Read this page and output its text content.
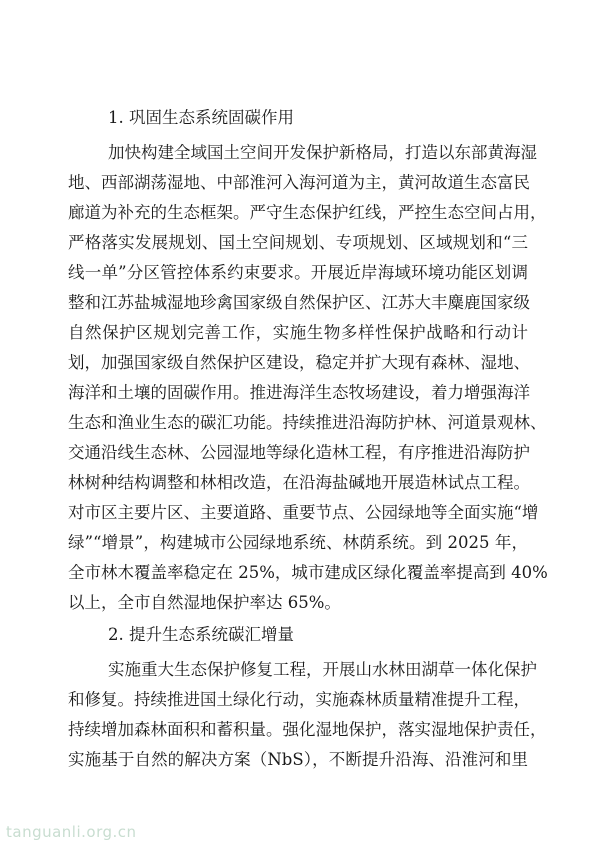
1. 巩固生态系统固碳作用
加快构建全域国土空间开发保护新格局，打造以东部黄海湿
地、西部湖荡湿地、中部淮河入海河道为主，黄河故道生态富民
廊道为补充的生态框架。严守生态保护红线，严控生态空间占用，
严格落实发展规划、国土空间规划、专项规划、区域规划和“三
线一单”分区管控体系约束要求。开展近岸海域环境功能区划调
整和江苏盐城湿地珍禽国家级自然保护区、江苏大丰麋鹿国家级
自然保护区规划完善工作，实施生物多样性保护战略和行动计
划，加强国家级自然保护区建设，稳定并扩大现有森林、湿地、
海洋和土壤的固碳作用。推进海洋生态牧场建设，着力增强海洋
生态和渔业生态的碳汇功能。持续推进沿海防护林、河道景观林、
交通沿线生态林、公园湿地等绿化造林工程，有序推进沿海防护
林树种结构调整和林相改造，在沿海盐碱地开展造林试点工程。
对市区主要片区、主要道路、重要节点、公园绿地等全面实施“增
绿”“增景”，构建城市公园绿地系统、林荫系统。到 2025 年，
全市林木覆盖率稳定在 25%，城市建成区绿化覆盖率提高到 40%
以上，全市自然湿地保护率达 65%。
2. 提升生态系统碳汇增量
实施重大生态保护修复工程，开展山水林田湖草一体化保护
和修复。持续推进国土绿化行动，实施森林质量精准提升工程，
持续增加森林面积和蓄积量。强化湿地保护，落实湿地保护责任，
实施基于自然的解决方案（NbS），不断提升沿海、沿淮河和里
tanguanli.org.cn
